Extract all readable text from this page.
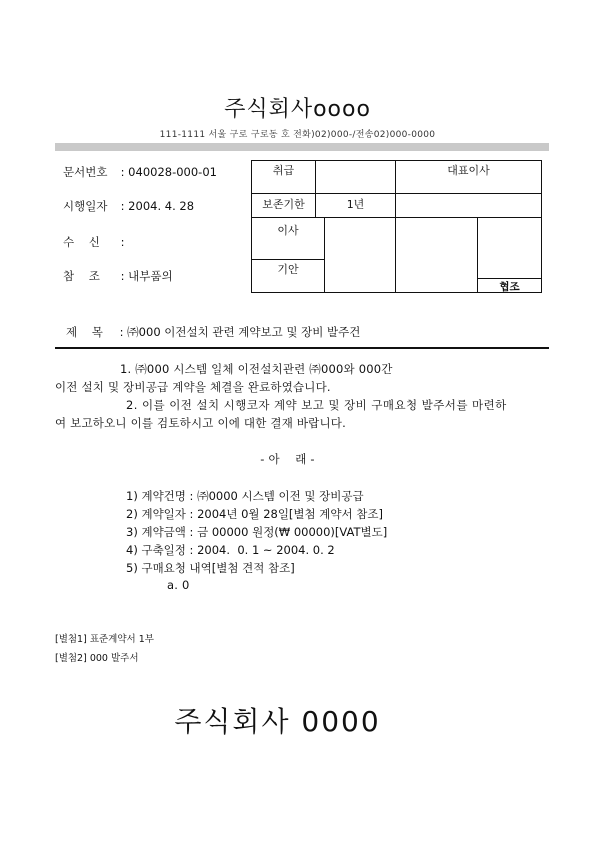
주식회사oooo
111-1111 서울 구로 구로동 호 전화)02)000-/전송02)000-0000
문서번호 : 040028-000-01
시행일자 : 2004. 4. 28
수    신 :
참    조 : 내부품의
취급	대표이사
보존기한	1년
이사
기안
협조
제    목 : ㈜000 이전설치 관련 계약보고 및 장비 발주건
1. ㈜000 시스템 일체 이전설치관련 ㈜000와 000간
이전 설치 및 장비공급 계약을 체결을 완료하였습니다.
2. 이를 이전 설치 시행코자 계약 보고 및 장비 구매요청 발주서를 마련하
여 보고하오니 이를 검토하시고 이에 대한 결재 바랍니다.
- 아    래 -
1) 계약건명 : ㈜0000 시스템 이전 및 장비공급
2) 계약일자 : 2004년 0월 28일[별첨 계약서 참조]
3) 계약금액 : 금 00000 원정(₩ 00000)[VAT별도]
4) 구축일정 : 2004.  0. 1 ~ 2004. 0. 2
5) 구매요청 내역[별첨 견적 참조]
a. 0
[별첨1] 표준계약서 1부
[별첨2] 000 발주서
주식회사 0000
